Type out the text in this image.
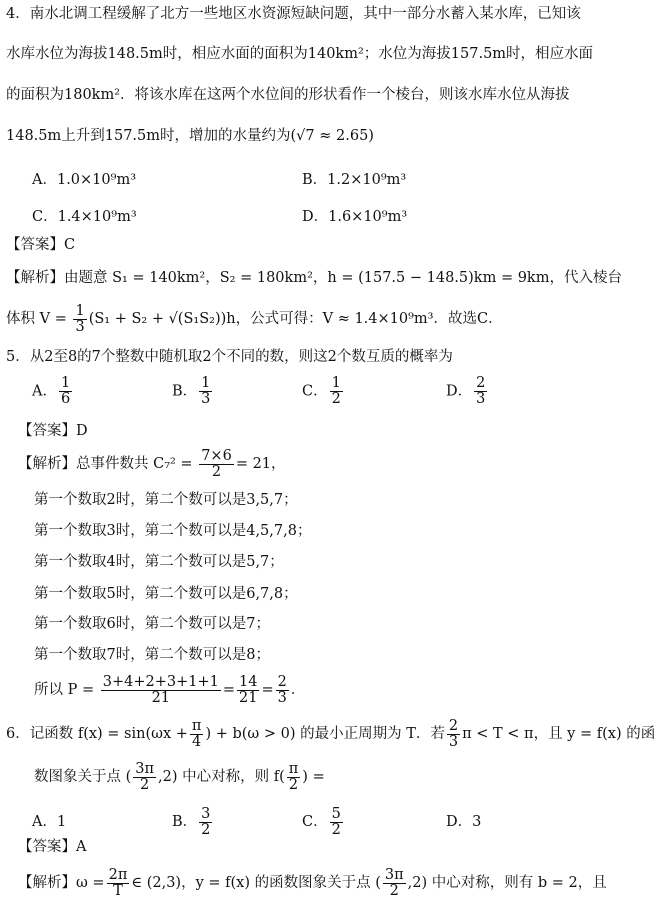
4．南水北调工程缓解了北方一些地区水资源短缺问题，其中一部分水蓄入某水库，已知该
水库水位为海拔148.5m时，相应水面的面积为140km²；水位为海拔157.5m时，相应水面
的面积为180km²．将该水库在这两个水位间的形状看作一个棱台，则该水库水位从海拔
148.5m上升到157.5m时，增加的水量约为(√7 ≈ 2.65)
A．1.0×10⁹m³	B．1.2×10⁹m³
C．1.4×10⁹m³	D．1.6×10⁹m³
【答案】C
【解析】由题意 S₁ = 140km²，S₂ = 180km²，h = (157.5 − 148.5)km = 9km，代入棱台
体积 $V = \frac{1}{3} (S_1 + S_2 + √(S_1S_2))h$，公式可得：V ≈ 1.4×10⁹m³．故选C．
5．从2至8的7个整数中随机取2个不同的数，则这2个数互质的概率为
A． $\frac{1}{6}$	B． $\frac{1}{3}$	C． $\frac{1}{2}$	D． $\frac{2}{3}$
【答案】D
【解析】总事件数共 $C_7^2 = \frac{7\times 6}{2} = 21$，
第一个数取2时，第二个数可以是3,5,7；
第一个数取3时，第二个数可以是4,5,7,8；
第一个数取4时，第二个数可以是5,7；
第一个数取5时，第二个数可以是6,7,8；
第一个数取6时，第二个数可以是7；
第一个数取7时，第二个数可以是8；
所以 $P = \frac{3+4+2+3+1+1}{21} = \frac{14}{21} = \frac{2}{3}$ ．
6．记函数 $f(x) = \sin(\omega x + \frac{\pi}{4}$ ) + b(ω > 0) 的最小正周期为 T．若 $\frac{2}{3}$ π < T < π，且 y = f(x) 的函
数图象关于点 ( $\frac{3\pi}{2} ,2$) 中心对称，则 $f( \frac{\pi}{2}$ ) =
A．1	B． $\frac{3}{2}$	C． $\frac{5}{2}$	D．3
【答案】A
【解析】$\omega = \frac{2\pi}{T}$ ∈ (2,3)，y = f(x) 的函数图象关于点 ( $\frac{3\pi}{2} ,2$) 中心对称，则有 b = 2，且
